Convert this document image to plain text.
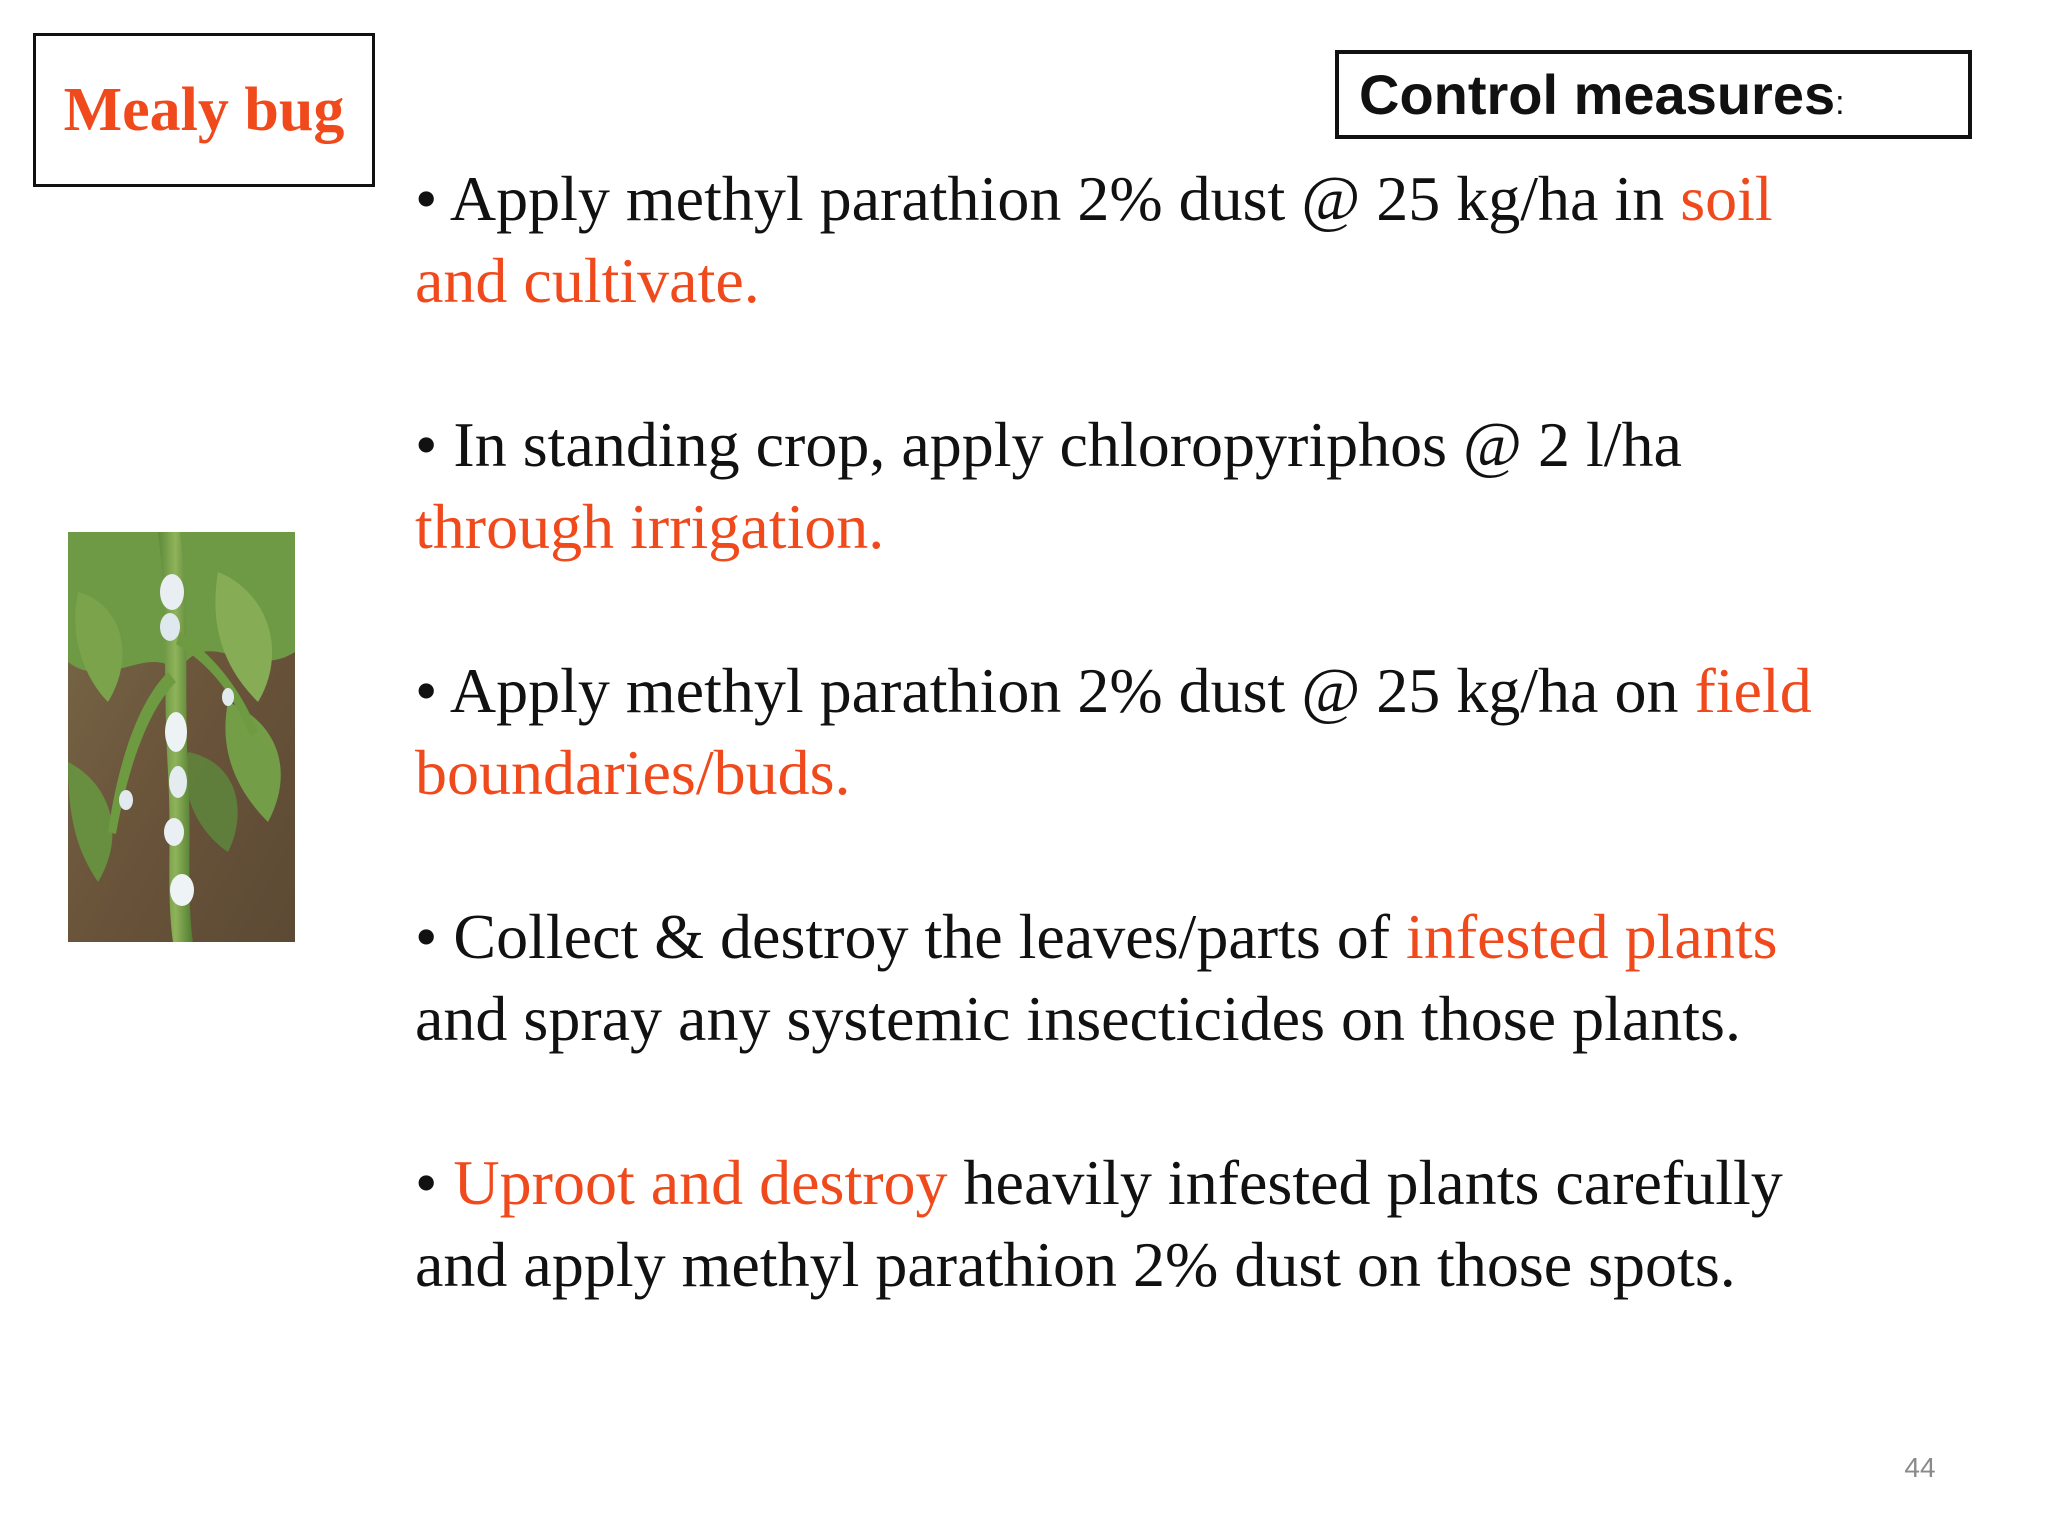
Mealy bug	Control measures:
• Apply methyl parathion 2% dust @ 25 kg/ha in soil
and cultivate.
• In standing crop, apply chloropyriphos @ 2 l/ha
through irrigation.
• Apply methyl parathion 2% dust @ 25 kg/ha on field
boundaries/buds.
• Collect & destroy the leaves/parts of infested plants
and spray any systemic insecticides on those plants.
• Uproot and destroy heavily infested plants carefully
and apply methyl parathion 2% dust on those spots.
44
